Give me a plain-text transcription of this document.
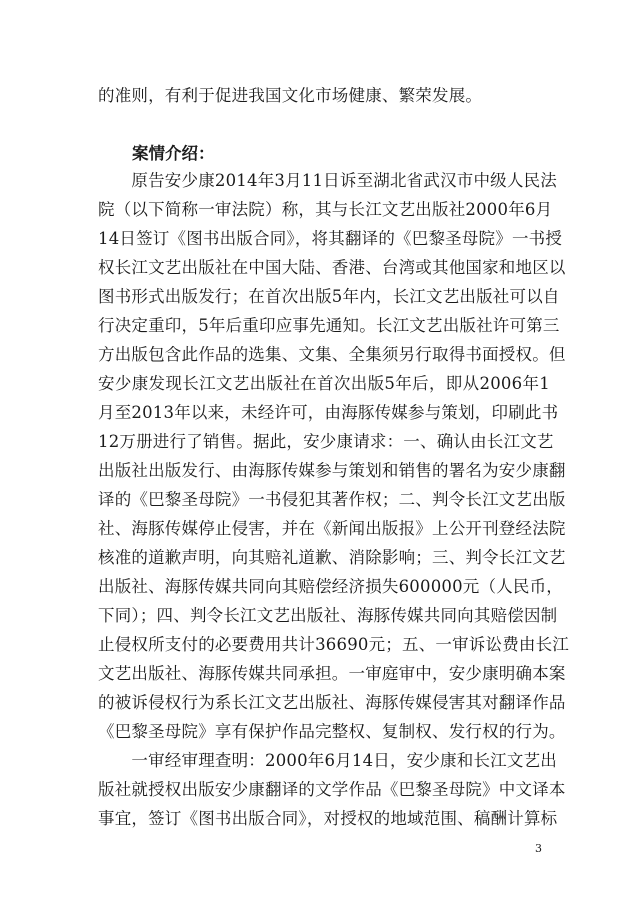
的准则，有利于促进我国文化市场健康、繁荣发展。
案情介绍：
　　原告安少康2014年3月11日诉至湖北省武汉市中级人民法
院（以下简称一审法院）称，其与长江文艺出版社2000年6月
14日签订《图书出版合同》，将其翻译的《巴黎圣母院》一书授
权长江文艺出版社在中国大陆、香港、台湾或其他国家和地区以
图书形式出版发行；在首次出版5年内，长江文艺出版社可以自
行决定重印，5年后重印应事先通知。长江文艺出版社许可第三
方出版包含此作品的选集、文集、全集须另行取得书面授权。但
安少康发现长江文艺出版社在首次出版5年后，即从2006年1
月至2013年以来，未经许可，由海豚传媒参与策划，印刷此书
12万册进行了销售。据此，安少康请求：一、确认由长江文艺
出版社出版发行、由海豚传媒参与策划和销售的署名为安少康翻
译的《巴黎圣母院》一书侵犯其著作权；二、判令长江文艺出版
社、海豚传媒停止侵害，并在《新闻出版报》上公开刊登经法院
核准的道歉声明，向其赔礼道歉、消除影响；三、判令长江文艺
出版社、海豚传媒共同向其赔偿经济损失600000元（人民币，
下同）；四、判令长江文艺出版社、海豚传媒共同向其赔偿因制
止侵权所支付的必要费用共计36690元；五、一审诉讼费由长江
文艺出版社、海豚传媒共同承担。一审庭审中，安少康明确本案
的被诉侵权行为系长江文艺出版社、海豚传媒侵害其对翻译作品
《巴黎圣母院》享有保护作品完整权、复制权、发行权的行为。
　　一审经审理查明：2000年6月14日，安少康和长江文艺出
版社就授权出版安少康翻译的文学作品《巴黎圣母院》中文译本
事宜，签订《图书出版合同》，对授权的地域范围、稿酬计算标
3
